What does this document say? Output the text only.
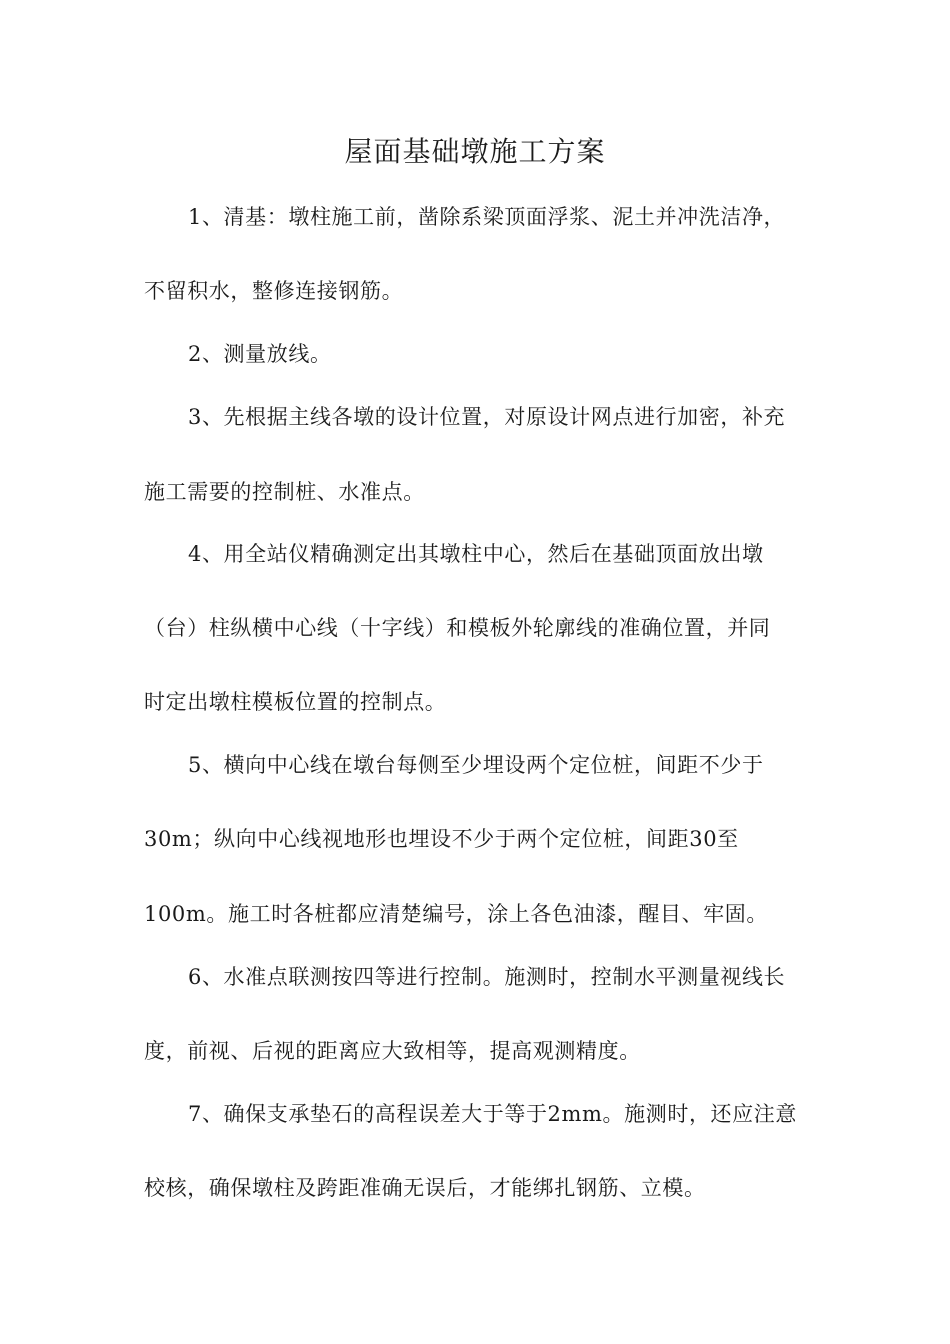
屋面基础墩施工方案
1、清基：墩柱施工前，凿除系梁顶面浮浆、泥土并冲洗洁净，
不留积水，整修连接钢筋。
2、测量放线。
3、先根据主线各墩的设计位置，对原设计网点进行加密，补充
施工需要的控制桩、水准点。
4、用全站仪精确测定出其墩柱中心，然后在基础顶面放出墩
（台）柱纵横中心线（十字线）和模板外轮廓线的准确位置，并同
时定出墩柱模板位置的控制点。
5、横向中心线在墩台每侧至少埋设两个定位桩，间距不少于
30m；纵向中心线视地形也埋设不少于两个定位桩，间距30至
100m。施工时各桩都应清楚编号，涂上各色油漆，醒目、牢固。
6、水准点联测按四等进行控制。施测时，控制水平测量视线长
度，前视、后视的距离应大致相等，提高观测精度。
7、确保支承垫石的高程误差大于等于2mm。施测时，还应注意
校核，确保墩柱及跨距准确无误后，才能绑扎钢筋、立模。
